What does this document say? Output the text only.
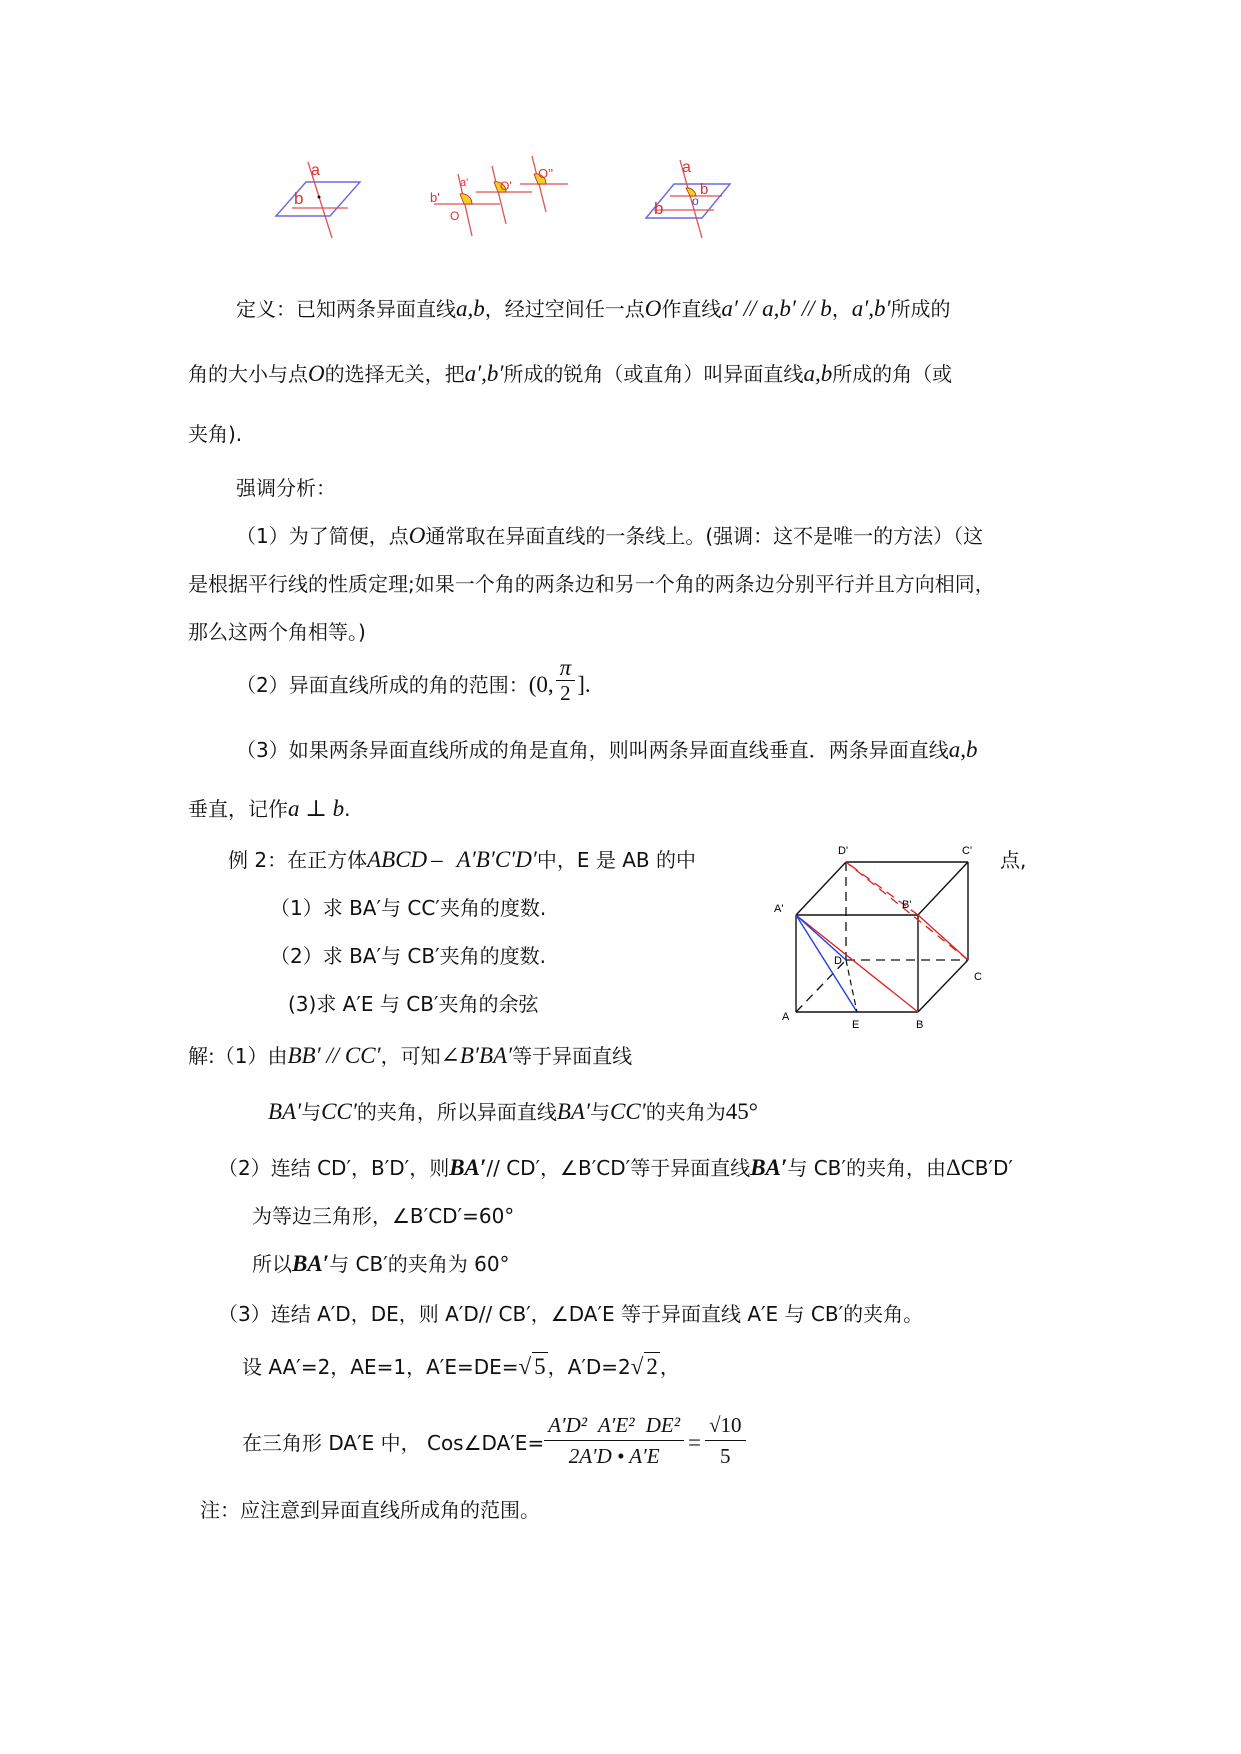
a
b	b'
a'
O
O'
O''	a
b
b o
定义：已知两条异面直线a,b，经过空间任一点O作直线a′ // a,b′ // b，a′,b′所成的
角的大小与点O的选择无关，把a′,b′所成的锐角（或直角）叫异面直线a,b所成的角（或
夹角).
强调分析：
（1）为了简便，点O通常取在异面直线的一条线上。(强调：这不是唯一的方法）（这
是根据平行线的性质定理;如果一个角的两条边和另一个角的两条边分别平行并且方向相同，
那么这两个角相等。)
（2）异面直线所成的角的范围：(0, $\frac{\pi}{2}$ ].
（3）如果两条异面直线所成的角是直角，则叫两条异面直线垂直．两条异面直线a,b
垂直，记作a ⊥ b.
例 2：在正方体ABCD – A′B′C′D′中，E 是 AB 的中	点,
（1）求 BA′与 CC′夹角的度数.
（2）求 BA′与 CB′夹角的度数.
(3)求 A′E 与 CB′夹角的余弦
D'	C'
B'
A'
D
C
A
E	B
解:（1）由BB′ // CC′，可知∠B′BA′等于异面直线
BA′与CC′的夹角，所以异面直线BA′与CC′的夹角为45°
（2）连结 CD′，B′D′，则BA′// CD′，∠B′CD′等于异面直线BA′与 CB′的夹角，由ΔCB′D′
为等边三角形，∠B′CD′=60°
所以BA′与 CB′的夹角为 60°
（3）连结 A′D，DE，则 A′D// CB′，∠DA′E 等于异面直线 A′E 与 CB′的夹角。
设 AA′=2，AE=1，A′E=DE=√ 5 ，A′D=2√ 2 ，
在三角形 DA′E 中， Cos∠DA′E= $\frac{\text{A′D² A′E² DE²}}{2A'D • A'E} = \frac{√10}{5}$
注：应注意到异面直线所成角的范围。
